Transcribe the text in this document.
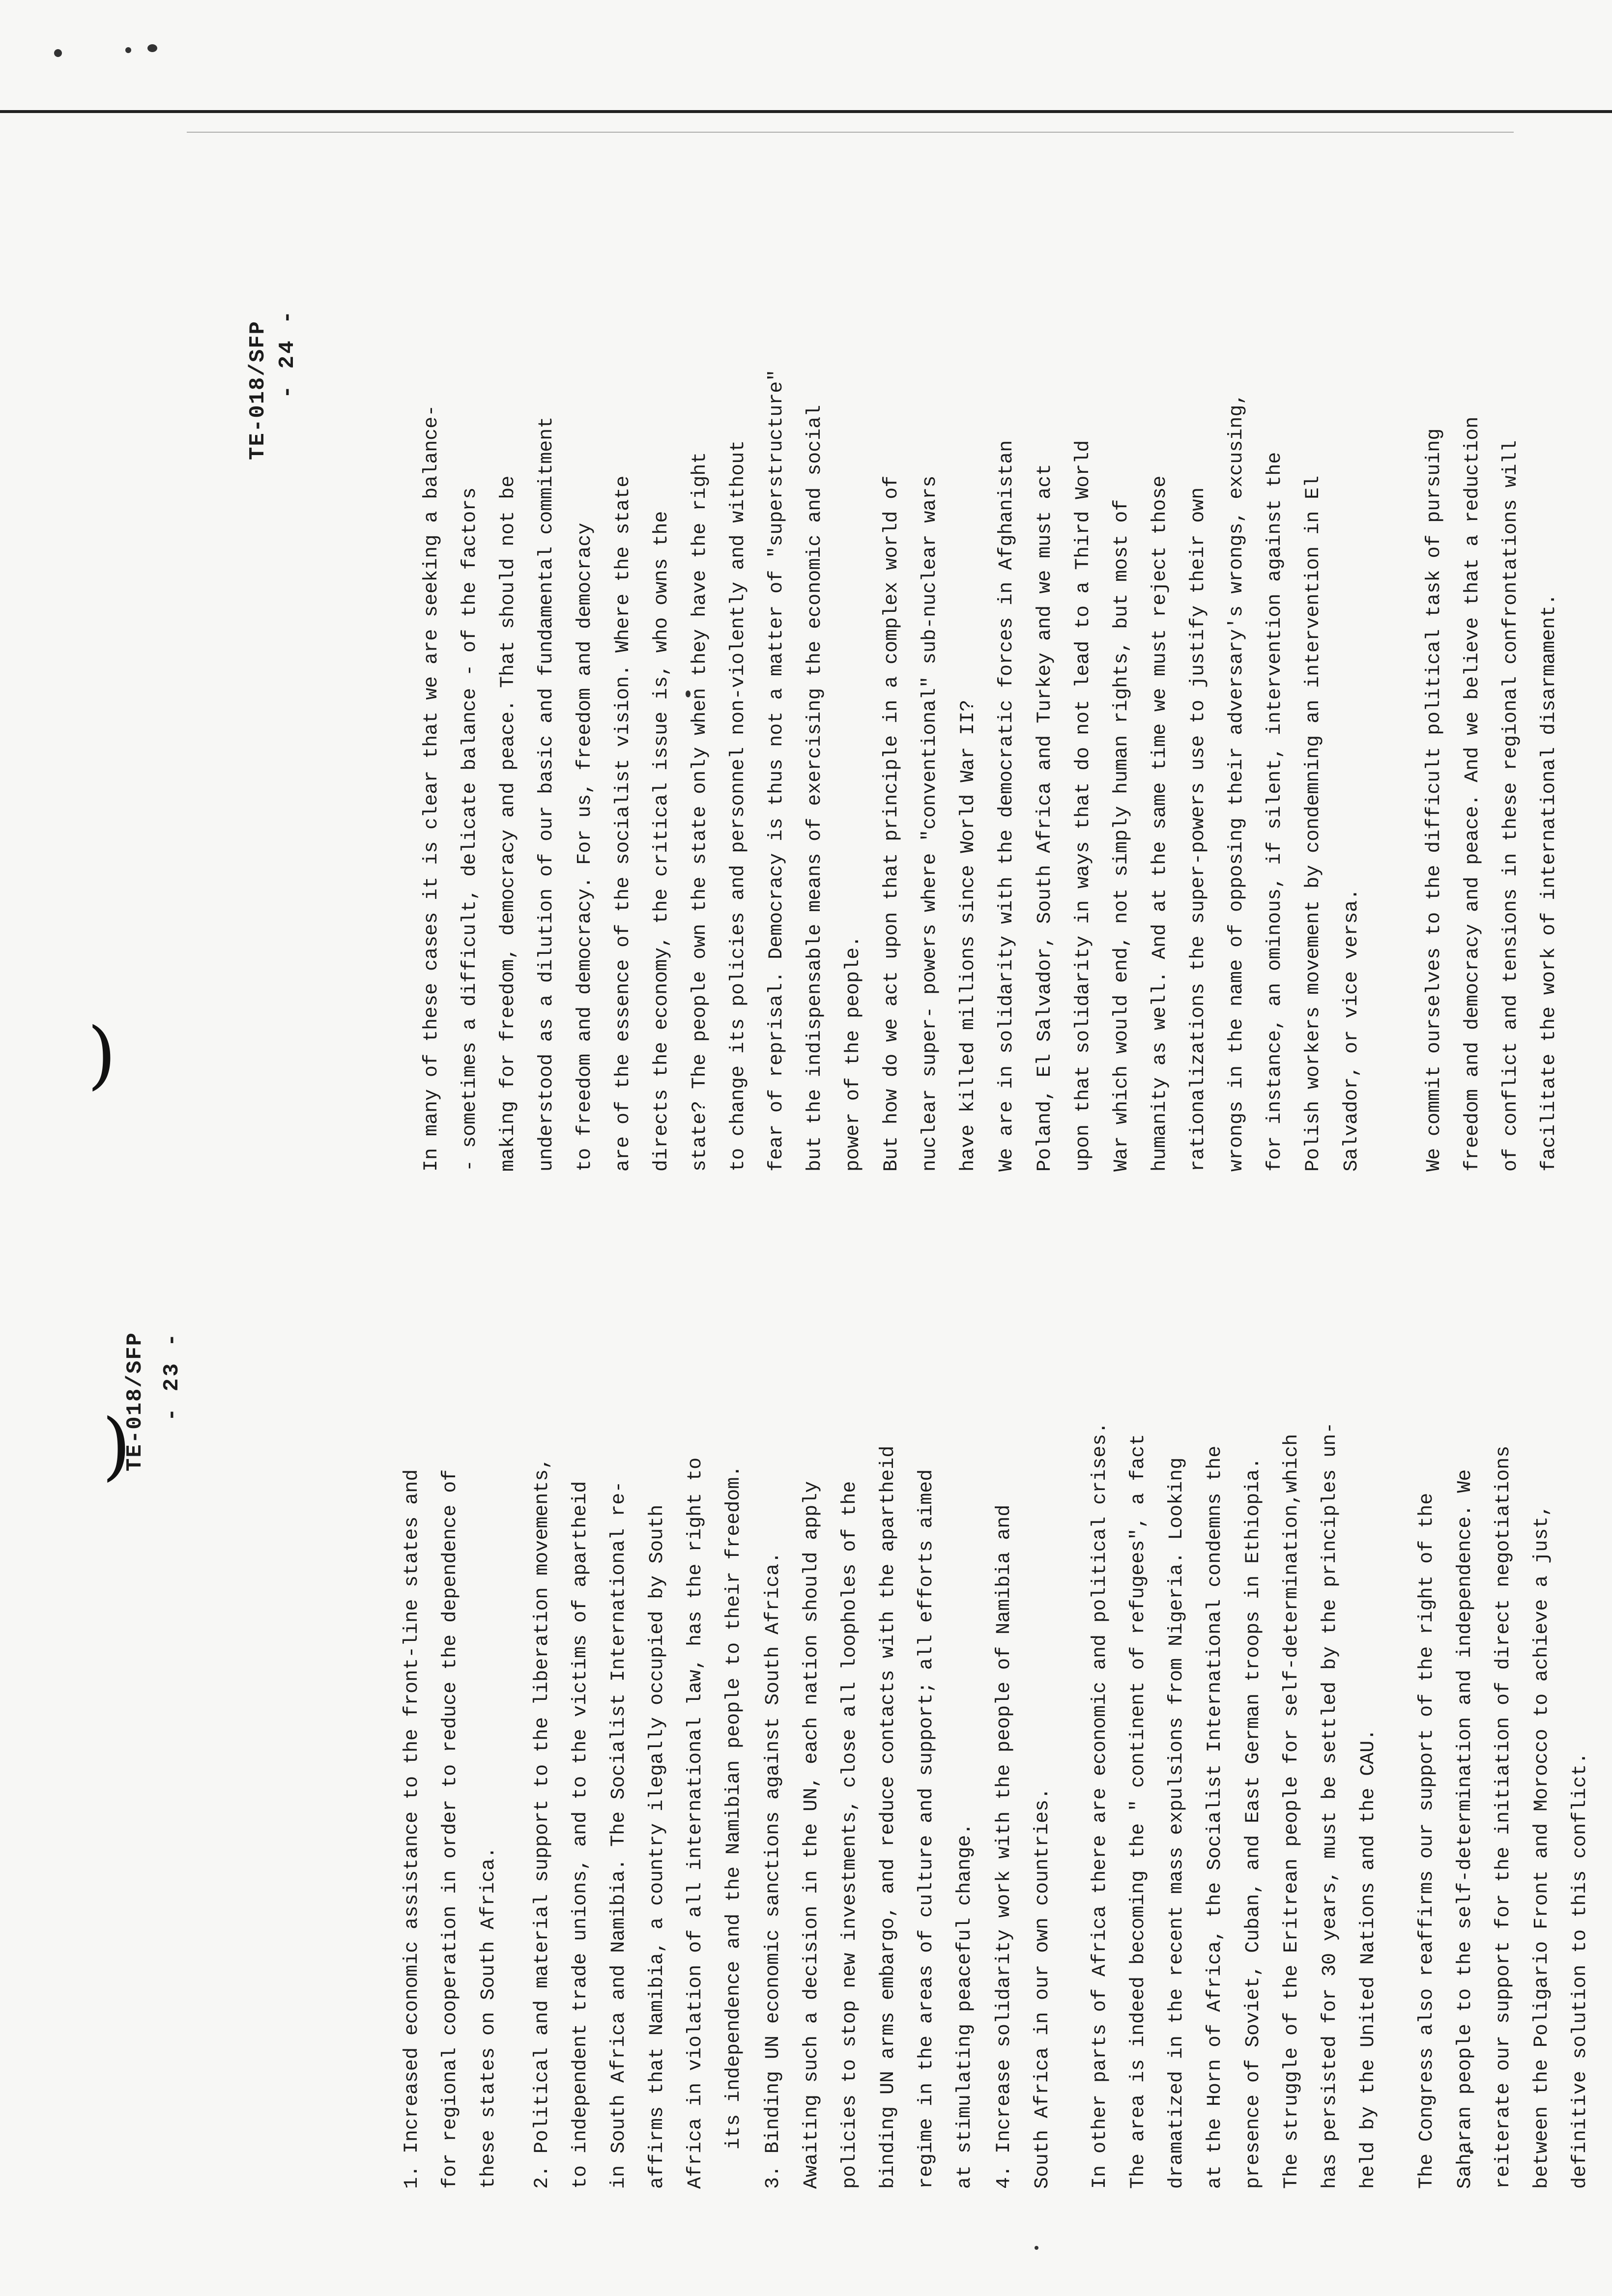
)
TE-018/SFP - 23 -

1. Increased economic assistance to the front-line states and for regional cooperation in order to reduce the dependence of these states on South Africa.	2. Political and material support to the liberation movements, to independent trade unions, and to the victims of apartheid in South Africa and Namibia. The Socialist International re- affirms that Namibia, a country ilegally occupied by South Africa in violation of all international law, has the right to its independence and the Namibian people to their freedom. 3. Binding UN economic sanctions against South Africa. Awaiting such a decision in the UN, each nation should apply policies to stop new investments, close all loopholes of the binding UN arms embargo, and reduce contacts with the apartheid regime in the areas of culture and support; all efforts aimed at stimulating peaceful change. 4. Increase solidarity work with the people of Namibia and South Africa in our own countries.	In other parts of Africa there are economic and political crises. The area is indeed becoming the " continent of refugees", a fact dramatized in the recent mass expulsions from Nigeria. Looking at the Horn of Africa, the Socialist International condemns the presence of Soviet, Cuban, and East German troops in Ethiopia. The struggle of the Eritrean people for self-determination,which has persisted for 30 years, must be settled by the principles un- held by the United Nations and the CAU.	The Congress also reaffirms our support of the right of the Saharan people to the self-determination and independence. We reiterate our support for the initiation of direct negotiations between the Poligario Front and Morocco to achieve a just, definitive solution to this conflict.

)
TE-018/SFP - 24 -

In many of these cases it is clear that we are seeking a balance- - sometimes a difficult, delicate balance - of the factors making for freedom, democracy and peace. That should not be understood as a dilution of our basic and fundamental commitment to freedom and democracy. For us, freedom and democracy are of the essence of the socialist vision. Where the state directs the economy, the critical issue is, who owns the state? The people own the state only when they have the right to change its policies and personnel non-violently and without fear of reprisal. Democracy is thus not a matter of "superstructure" but the indispensable means of exercising the economic and social power of the people. But how do we act upon that principle in a complex world of nuclear super- powers where "conventional" sub-nuclear wars have killed millions since World War II? We are in solidarity with the democratic forces in Afghanistan Poland, El Salvador, South Africa and Turkey and we must act upon that solidarity in ways that do not lead to a Third World War which would end, not simply human rights, but most of humanity as well. And at the same time we must reject those rationalizations the super-powers use to justify their own wrongs in the name of opposing their adversary's wrongs, excusing, for instance, an ominous, if silent, intervention against the Polish workers movement by condemning an intervention in El Salvador, or vice versa.	We commit ourselves to the difficult political task of pursuing freedom and democracy and peace. And we believe that a reduction of conflict and tensions in these regional confrontations will facilitate the work of international disarmament.
